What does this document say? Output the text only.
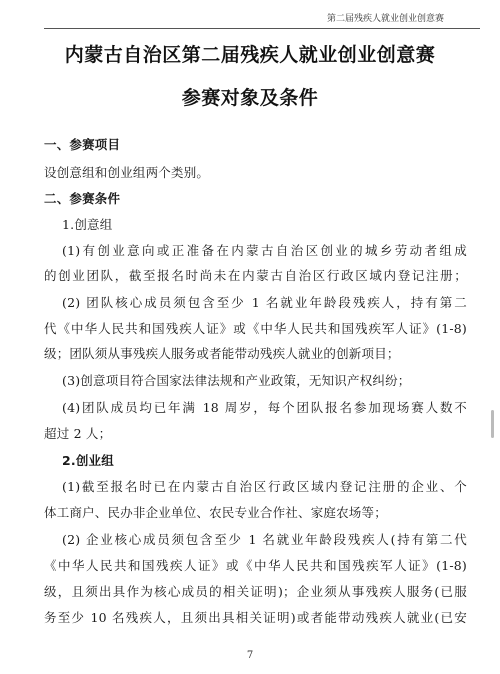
第二届残疾人就业创业创意赛
内蒙古自治区第二届残疾人就业创业创意赛
参赛对象及条件
一、参赛项目
设创意组和创业组两个类别。
二、参赛条件
1.创意组
(1)有创业意向或正准备在内蒙古自治区创业的城乡劳动者组成
的创业团队，截至报名时尚未在内蒙古自治区行政区域内登记注册；
(2) 团队核心成员须包含至少 1 名就业年龄段残疾人，持有第二
代《中华人民共和国残疾人证》或《中华人民共和国残疾军人证》(1-8)
级；团队须从事残疾人服务或者能带动残疾人就业的创新项目；
(3)创意项目符合国家法律法规和产业政策，无知识产权纠纷；
(4)团队成员均已年满 18 周岁，每个团队报名参加现场赛人数不
超过 2 人；
2.创业组
(1)截至报名时已在内蒙古自治区行政区域内登记注册的企业、个
体工商户、民办非企业单位、农民专业合作社、家庭农场等；
(2) 企业核心成员须包含至少 1 名就业年龄段残疾人(持有第二代
《中华人民共和国残疾人证》或《中华人民共和国残疾军人证》(1-8)
级，且须出具作为核心成员的相关证明)；企业须从事残疾人服务(已服
务至少 10 名残疾人，且须出具相关证明)或者能带动残疾人就业(已安
7
